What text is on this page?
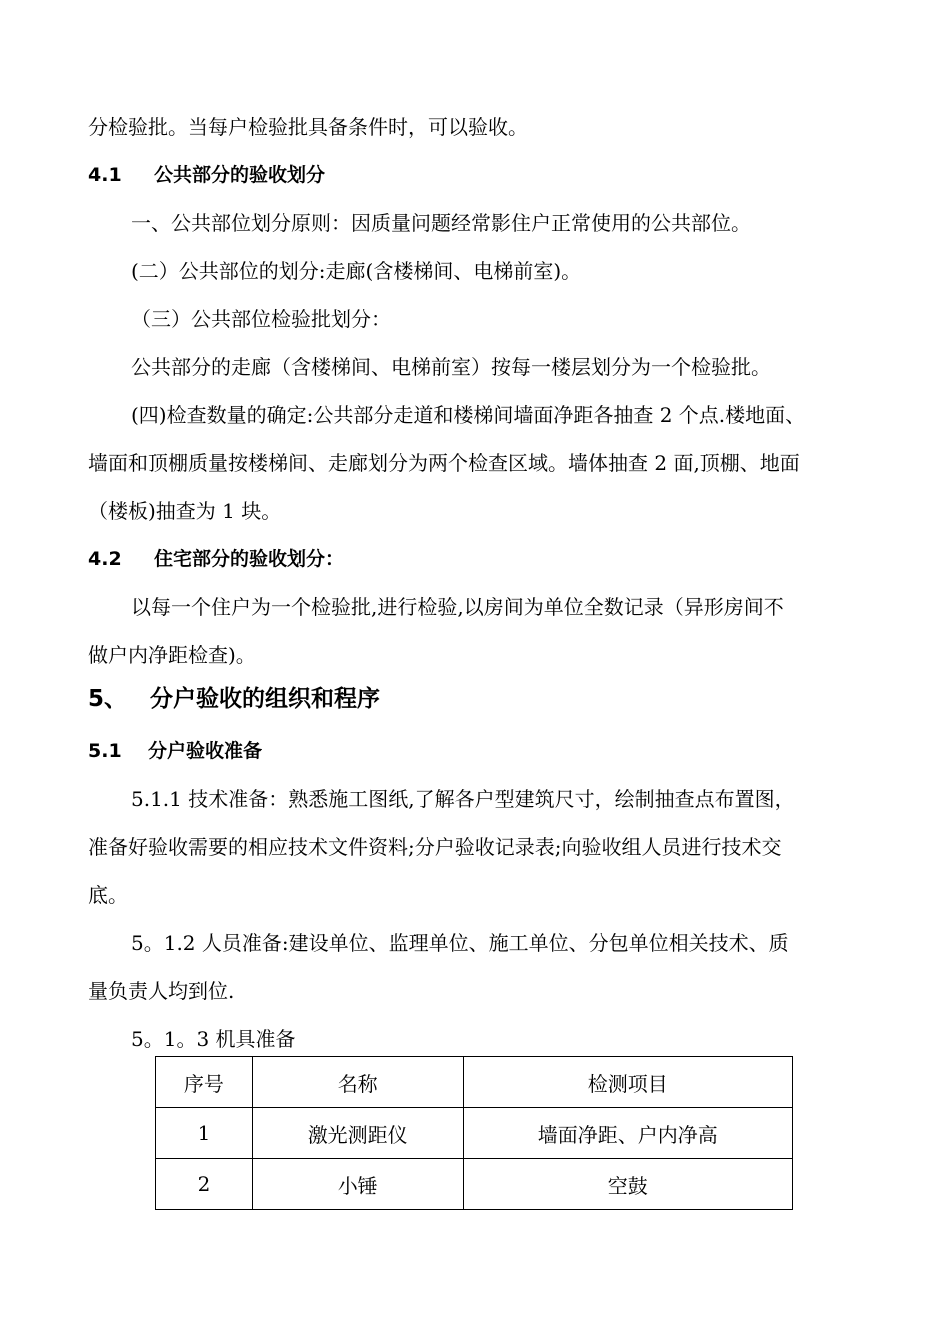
分检验批。当每户检验批具备条件时，可以验收。
4.1 公共部分的验收划分
一、公共部位划分原则：因质量问题经常影住户正常使用的公共部位。
(二）公共部位的划分:走廊(含楼梯间、电梯前室)。
（三）公共部位检验批划分：
公共部分的走廊（含楼梯间、电梯前室）按每一楼层划分为一个检验批。
(四)检查数量的确定:公共部分走道和楼梯间墙面净距各抽查 2 个点.楼地面、
墙面和顶棚质量按楼梯间、走廊划分为两个检查区域。墙体抽查 2 面,顶棚、地面
（楼板)抽查为 1 块。
4.2 住宅部分的验收划分：
以每一个住户为一个检验批,进行检验,以房间为单位全数记录（异形房间不
做户内净距检查)。
5、 分户验收的组织和程序
5.1 分户验收准备
5.1.1 技术准备：熟悉施工图纸,了解各户型建筑尺寸，绘制抽查点布置图，
准备好验收需要的相应技术文件资料;分户验收记录表;向验收组人员进行技术交
底。
5。1.2 人员准备:建设单位、监理单位、施工单位、分包单位相关技术、质
量负责人均到位.
5。1。3 机具准备
序号	名称	检测项目
1	激光测距仪	墙面净距、户内净高
2	小锤	空鼓
